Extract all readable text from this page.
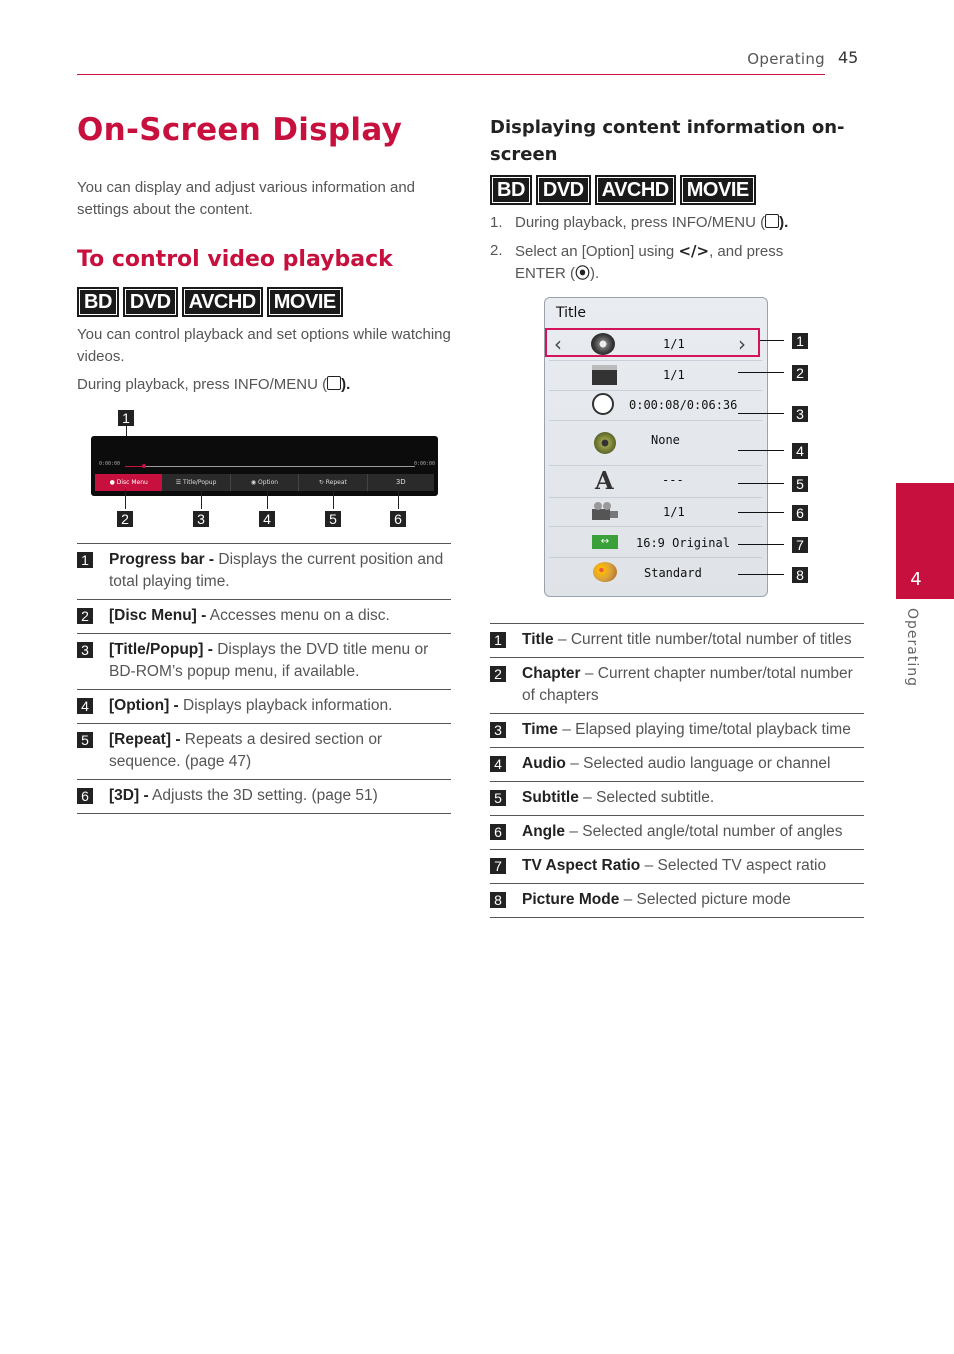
Operating 45
On-Screen Display
You can display and adjust various information and settings about the content.
To control video playback
BD DVD AVCHD MOVIE
You can control playback and set options while watching videos.
During playback, press INFO/MENU ( ).
1
0:00:00	0:00:00
● Disc Menu	☰ Title/Popup	◉ Option	↻ Repeat	3D
2	3	4	5	6
1 Progress bar - Displays the current position and total playing time.
2 [Disc Menu] - Accesses menu on a disc.
3 [Title/Popup] - Displays the DVD title menu or BD-ROM’s popup menu, if available.
4 [Option] - Displays playback information.
5 [Repeat] - Repeats a desired section or sequence. (page 47)
6 [3D] - Adjusts the 3D setting. (page 51)
Displaying content information on-screen
BD DVD AVCHD MOVIE
1. During playback, press INFO/MENU ( ).
2. Select an [Option] using </>, and press ENTER (⦿).
Title
‹	›
A
↔
1/1
1/1
0:00:08/0:06:36
None
---
1/1
16:9 Original
Standard
1
2
3
4
5
6
7
8
1 Title – Current title number/total number of titles
2 Chapter – Current chapter number/total number of chapters
3 Time – Elapsed playing time/total playback time
4 Audio – Selected audio language or channel
5 Subtitle – Selected subtitle.
6 Angle – Selected angle/total number of angles
7 TV Aspect Ratio – Selected TV aspect ratio
8 Picture Mode – Selected picture mode
4
Operating
